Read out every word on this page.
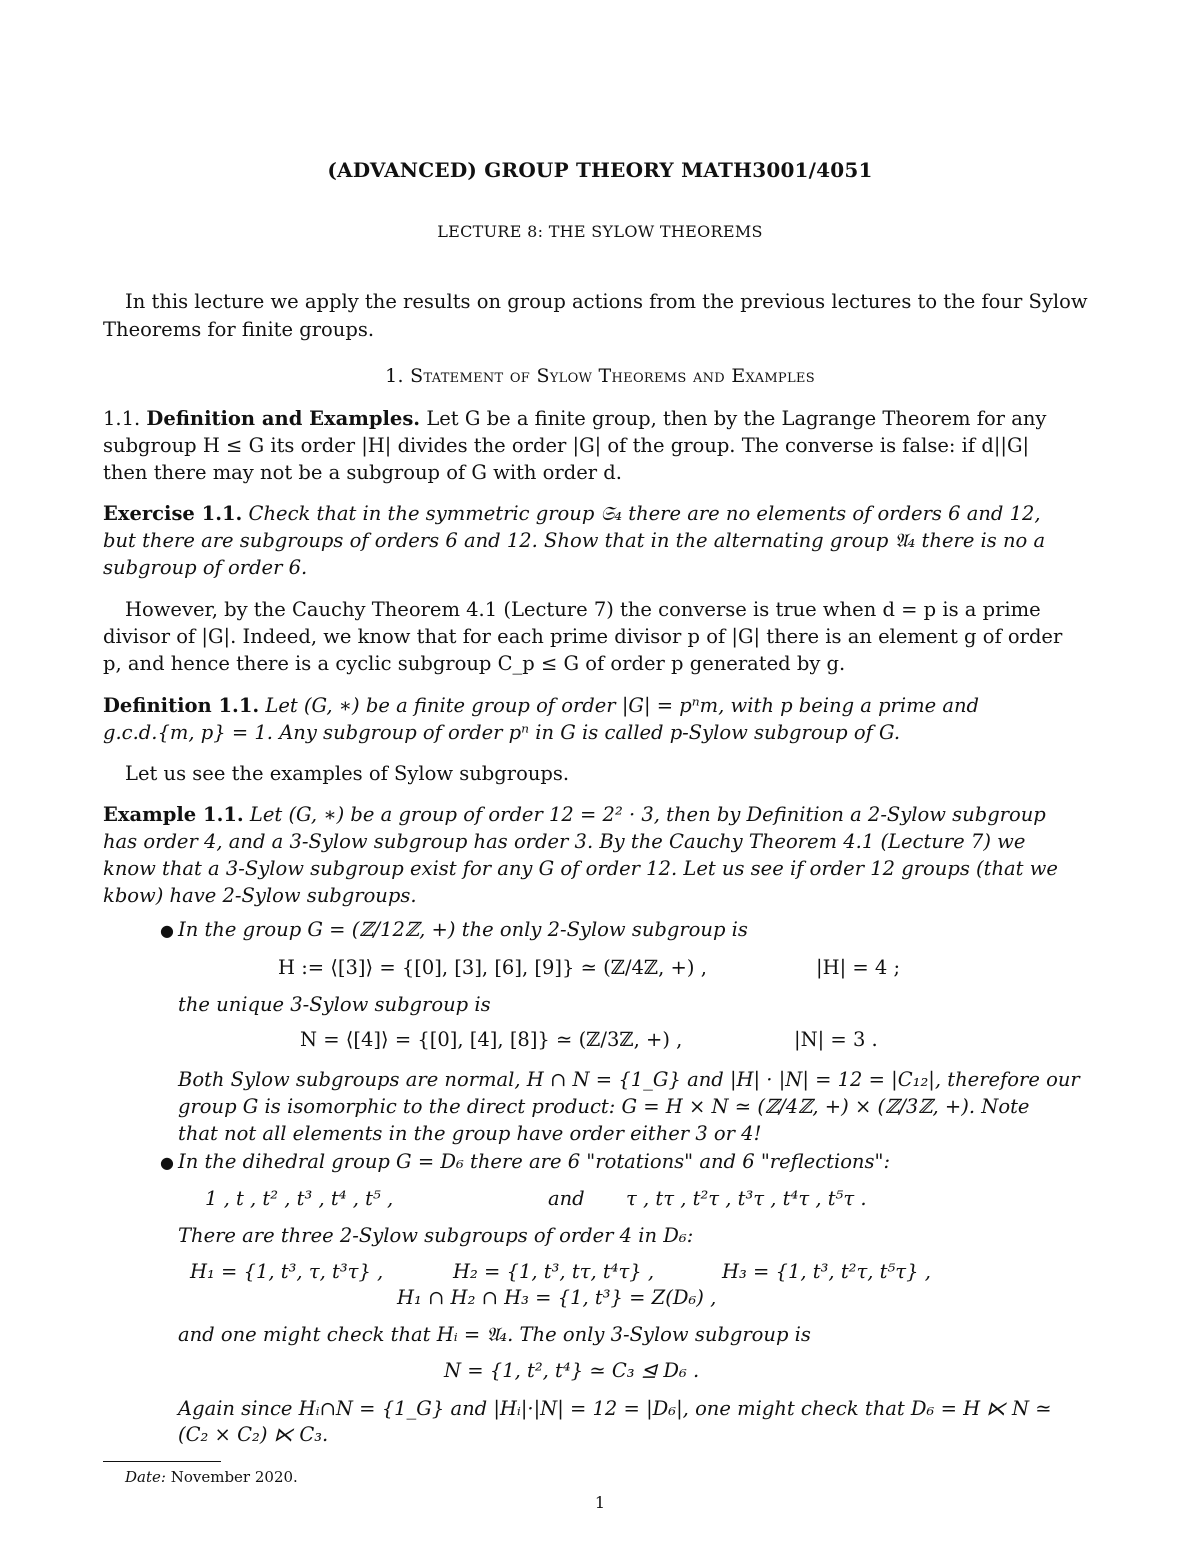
(ADVANCED) GROUP THEORY MATH3001/4051
LECTURE 8: THE SYLOW THEOREMS
In this lecture we apply the results on group actions from the previous lectures to the four Sylow
Theorems for finite groups.
1. Statement of Sylow Theorems and Examples
1.1. Definition and Examples. Let G be a finite group, then by the Lagrange Theorem for any
subgroup H ≤ G its order |H| divides the order |G| of the group. The converse is false: if d||G|
then there may not be a subgroup of G with order d.
Exercise 1.1. Check that in the symmetric group 𝔖₄ there are no elements of orders 6 and 12,
but there are subgroups of orders 6 and 12. Show that in the alternating group 𝔄₄ there is no a
subgroup of order 6.
However, by the Cauchy Theorem 4.1 (Lecture 7) the converse is true when d = p is a prime
divisor of |G|. Indeed, we know that for each prime divisor p of |G| there is an element g of order
p, and hence there is a cyclic subgroup C_p ≤ G of order p generated by g.
Definition 1.1. Let (G, ∗) be a finite group of order |G| = pⁿm, with p being a prime and
g.c.d.{m, p} = 1. Any subgroup of order pⁿ in G is called p-Sylow subgroup of G.
Let us see the examples of Sylow subgroups.
Example 1.1. Let (G, ∗) be a group of order 12 = 2² · 3, then by Definition a 2-Sylow subgroup
has order 4, and a 3-Sylow subgroup has order 3. By the Cauchy Theorem 4.1 (Lecture 7) we
know that a 3-Sylow subgroup exist for any G of order 12. Let us see if order 12 groups (that we
kbow) have 2-Sylow subgroups.
● In the group G = (ℤ/12ℤ, +) the only 2-Sylow subgroup is
H := ⟨[3]⟩ = {[0], [3], [6], [9]} ≃ (ℤ/4ℤ, +) ,	|H| = 4 ;
the unique 3-Sylow subgroup is
N = ⟨[4]⟩ = {[0], [4], [8]} ≃ (ℤ/3ℤ, +) ,	|N| = 3 .
Both Sylow subgroups are normal, H ∩ N = {1_G} and |H| · |N| = 12 = |C₁₂|, therefore our
group G is isomorphic to the direct product: G = H × N ≃ (ℤ/4ℤ, +) × (ℤ/3ℤ, +). Note
that not all elements in the group have order either 3 or 4!
● In the dihedral group G = D₆ there are 6 "rotations" and 6 "reflections":
1 , t , t² , t³ , t⁴ , t⁵ ,	and τ , tτ , t²τ , t³τ , t⁴τ , t⁵τ .
There are three 2-Sylow subgroups of order 4 in D₆:
H₁ = {1, t³, τ, t³τ} ,	H₂ = {1, t³, tτ, t⁴τ} ,	H₃ = {1, t³, t²τ, t⁵τ} ,
H₁ ∩ H₂ ∩ H₃ = {1, t³} = Z(D₆) ,
and one might check that Hᵢ = 𝔄₄. The only 3-Sylow subgroup is
N = {1, t², t⁴} ≃ C₃ ⊴ D₆ .
Again since Hᵢ∩N = {1_G} and |Hᵢ|·|N| = 12 = |D₆|, one might check that D₆ = H ⋉ N ≃
(C₂ × C₂) ⋉ C₃.
Date: November 2020.
1
